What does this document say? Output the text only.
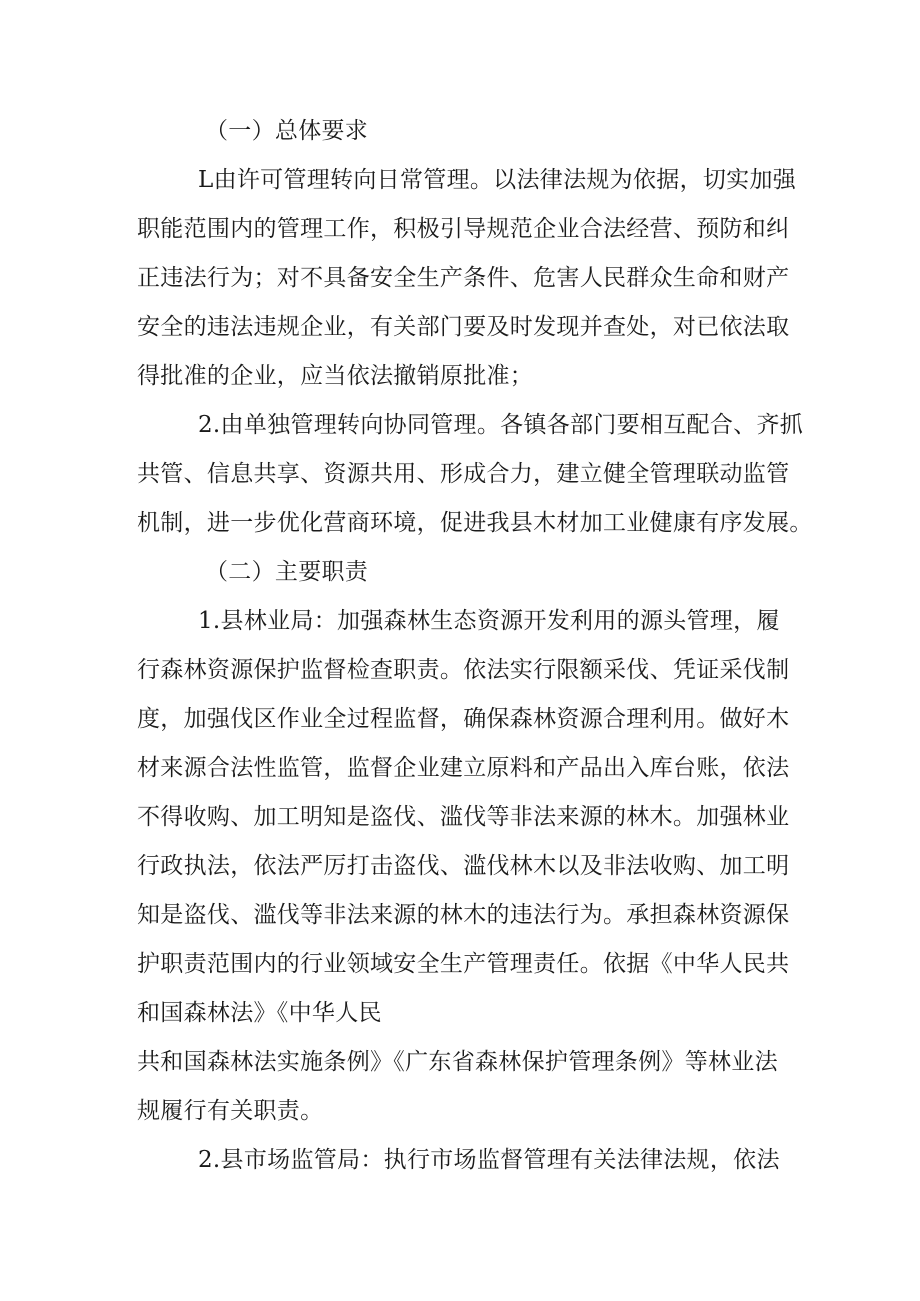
（一）总体要求

L由许可管理转向日常管理。以法律法规为依据，切实加强

职能范围内的管理工作，积极引导规范企业合法经营、预防和纠

正违法行为；对不具备安全生产条件、危害人民群众生命和财产

安全的违法违规企业，有关部门要及时发现并查处，对已依法取

得批准的企业，应当依法撤销原批准；

2.由单独管理转向协同管理。各镇各部门要相互配合、齐抓

共管、信息共享、资源共用、形成合力，建立健全管理联动监管

机制，进一步优化营商环境，促进我县木材加工业健康有序发展。

（二）主要职责

1.县林业局：加强森林生态资源开发利用的源头管理，履

行森林资源保护监督检查职责。依法实行限额采伐、凭证采伐制

度，加强伐区作业全过程监督，确保森林资源合理利用。做好木

材来源合法性监管，监督企业建立原料和产品出入库台账，依法

不得收购、加工明知是盗伐、滥伐等非法来源的林木。加强林业

行政执法，依法严厉打击盗伐、滥伐林木以及非法收购、加工明

知是盗伐、滥伐等非法来源的林木的违法行为。承担森林资源保

护职责范围内的行业领域安全生产管理责任。依据《中华人民共

和国森林法》《中华人民

共和国森林法实施条例》《广东省森林保护管理条例》等林业法

规履行有关职责。

2.县市场监管局：执行市场监督管理有关法律法规，依法
